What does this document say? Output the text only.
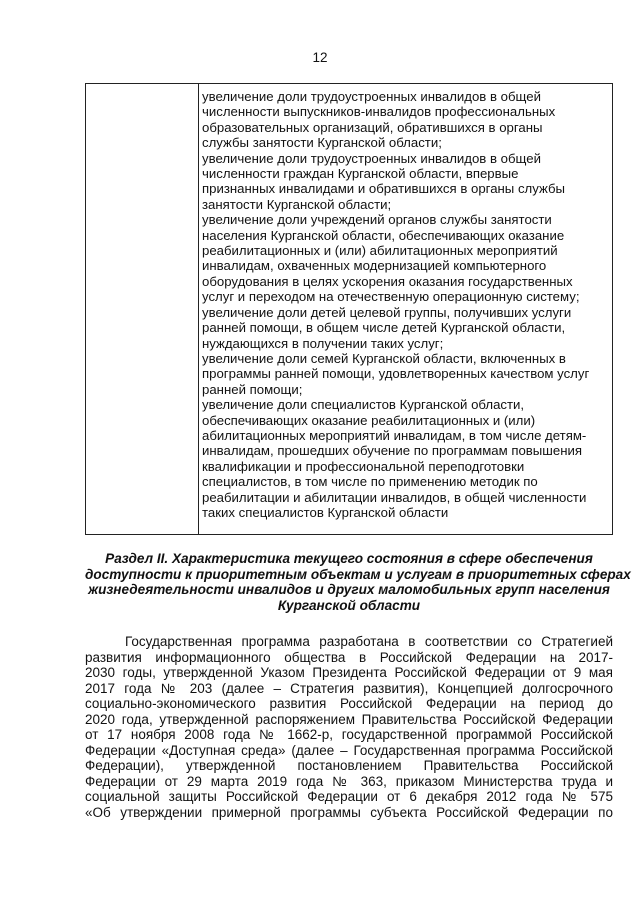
12
увеличение доли трудоустроенных инвалидов в общей
численности выпускников-инвалидов профессиональных
образовательных организаций, обратившихся в органы
службы занятости Курганской области;
увеличение доли трудоустроенных инвалидов в общей
численности граждан Курганской области, впервые
признанных инвалидами и обратившихся в органы службы
занятости Курганской области;
увеличение доли учреждений органов службы занятости
населения Курганской области, обеспечивающих оказание
реабилитационных и (или) абилитационных мероприятий
инвалидам, охваченных модернизацией компьютерного
оборудования в целях ускорения оказания государственных
услуг и переходом на отечественную операционную систему;
увеличение доли детей целевой группы, получивших услуги
ранней помощи, в общем числе детей Курганской области,
нуждающихся в получении таких услуг;
увеличение доли семей Курганской области, включенных в
программы ранней помощи, удовлетворенных качеством услуг
ранней помощи;
увеличение доли специалистов Курганской области,
обеспечивающих оказание реабилитационных и (или)
абилитационных мероприятий инвалидам, в том числе детям-
инвалидам, прошедших обучение по программам повышения
квалификации и профессиональной переподготовки
специалистов, в том числе по применению методик по
реабилитации и абилитации инвалидов, в общей численности
таких специалистов Курганской области
Раздел II. Характеристика текущего состояния в сфере обеспечения
доступности к приоритетным объектам и услугам в приоритетных сферах
жизнедеятельности инвалидов и других маломобильных групп населения
Курганской области
Государственная программа разработана в соответствии со Стратегией
развития информационного общества в Российской Федерации на 2017-
2030 годы, утвержденной Указом Президента Российской Федерации от 9 мая
2017 года № 203 (далее – Стратегия развития), Концепцией долгосрочного
социально-экономического развития Российской Федерации на период до
2020 года, утвержденной распоряжением Правительства Российской Федерации
от 17 ноября 2008 года № 1662-р, государственной программой Российской
Федерации «Доступная среда» (далее – Государственная программа Российской
Федерации), утвержденной постановлением Правительства Российской
Федерации от 29 марта 2019 года № 363, приказом Министерства труда и
социальной защиты Российской Федерации от 6 декабря 2012 года № 575
«Об утверждении примерной программы субъекта Российской Федерации по
